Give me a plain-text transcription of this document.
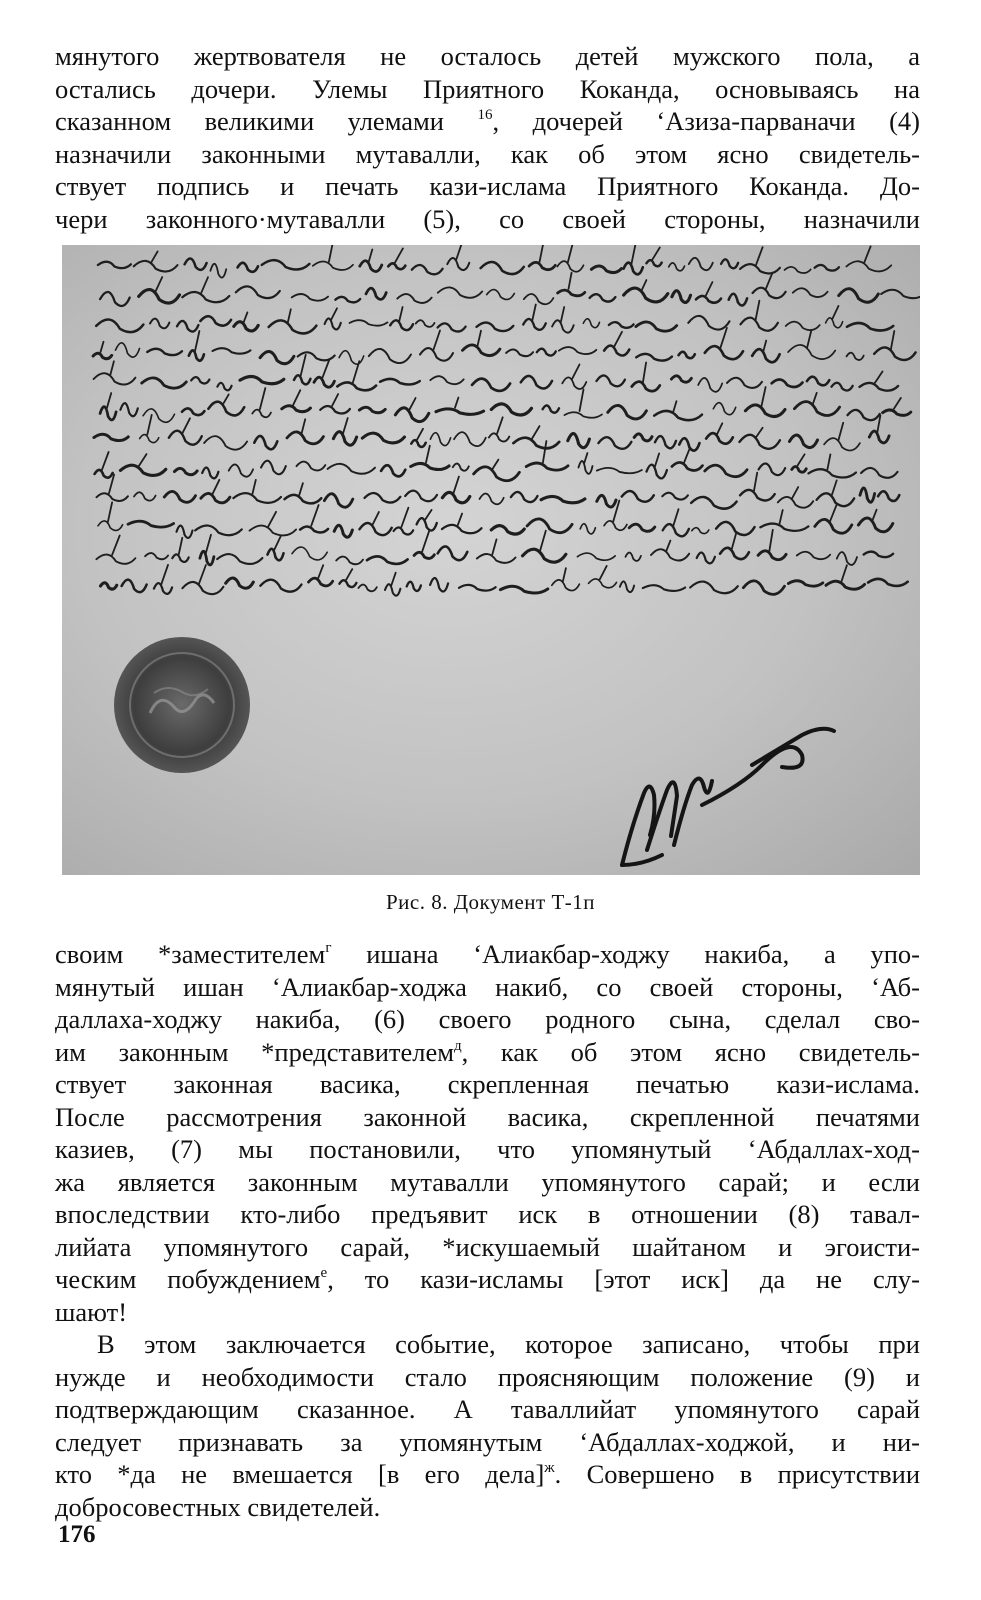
мянутого жертвователя не осталось детей мужского пола, а
остались дочери. Улемы Приятного Коканда, основываясь на
сказанном великими улемами $^{16}$, дочерей ‘Азиза-парваначи (4)
назначили законными мутавалли, как об этом ясно свидетель-
ствует подпись и печать кази-ислама Приятного Коканда. До-
чери законного·мутавалли (5), со своей стороны, назначили
Рис. 8. Документ Т-1п
своим *заместителем$^г$ ишана ‘Алиакбар-ходжу накиба, а упо-
мянутый ишан ‘Алиакбар-ходжа накиб, со своей стороны, ‘Аб-
даллаха-ходжу накиба, (6) своего родного сына, сделал сво-
им законным *представителем$^д$, как об этом ясно свидетель-
ствует законная васика, скрепленная печатью кази-ислама.
После рассмотрения законной васика, скрепленной печатями
казиев, (7) мы постановили, что упомянутый ‘Абдаллах-ход-
жа является законным мутавалли упомянутого сарай; и если
впоследствии кто-либо предъявит иск в отношении (8) тавал-
лийата упомянутого сарай, *искушаемый шайтаном и эгоисти-
ческим побуждением$^е$, то кази-исламы [этот иск] да не слу-
шают!
В этом заключается событие, которое записано, чтобы при
нужде и необходимости стало проясняющим положение (9) и
подтверждающим сказанное. А таваллийат упомянутого сарай
следует признавать за упомянутым ‘Абдаллах-ходжой, и ни-
кто *да не вмешается [в его дела]$^ж$. Совершено в присутствии
добросовестных свидетелей.
176
